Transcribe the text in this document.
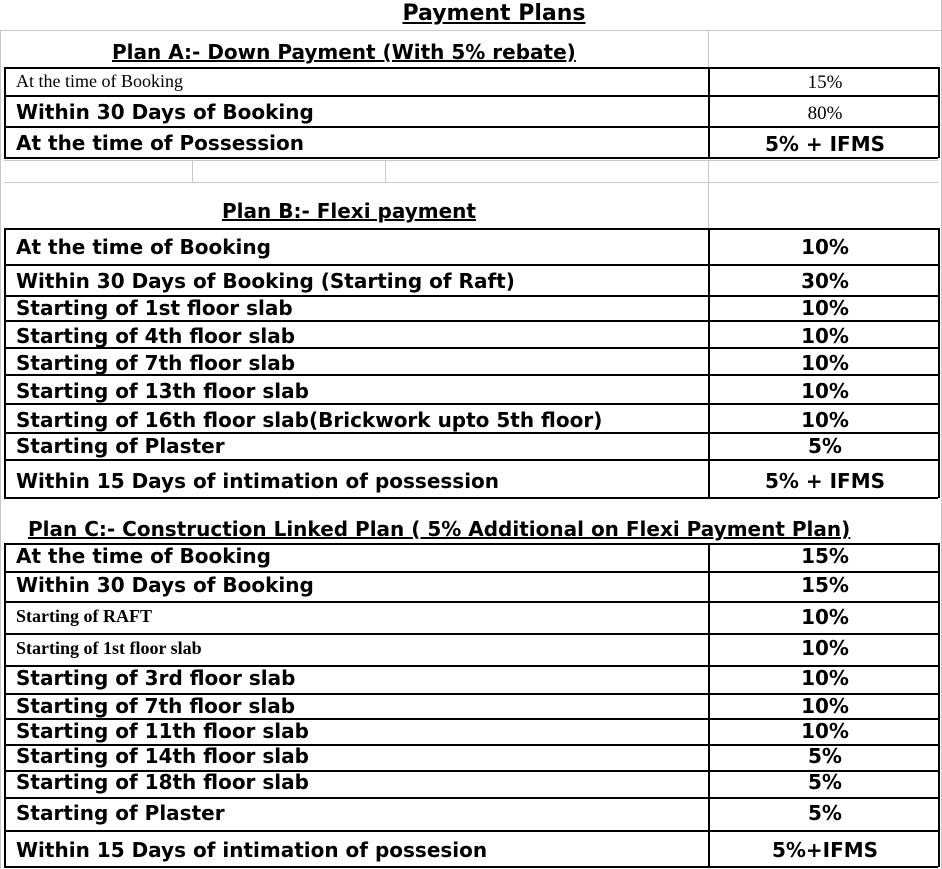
Payment Plans
Plan A:- Down Payment (With 5% rebate)
At the time of Booking	15%
Within 30 Days of Booking	80%
At the time of Possession	5% + IFMS
Plan B:- Flexi payment
At the time of Booking	10%
Within 30 Days of Booking (Starting of Raft)	30%
Starting of 1st floor slab	10%
Starting of 4th floor slab	10%
Starting of 7th floor slab	10%
Starting of 13th floor slab	10%
Starting of 16th floor slab(Brickwork upto 5th floor)	10%
Starting of Plaster	5%
Within 15 Days of intimation of possession	5% + IFMS
Plan C:- Construction Linked Plan ( 5% Additional on Flexi Payment Plan)
At the time of Booking	15%
Within 30 Days of Booking	15%
Starting of RAFT	10%
Starting of 1st floor slab	10%
Starting of 3rd floor slab	10%
Starting of 7th floor slab	10%
Starting of 11th floor slab	10%
Starting of 14th floor slab	5%
Starting of 18th floor slab	5%
Starting of Plaster	5%
Within 15 Days of intimation of possesion	5%+IFMS
